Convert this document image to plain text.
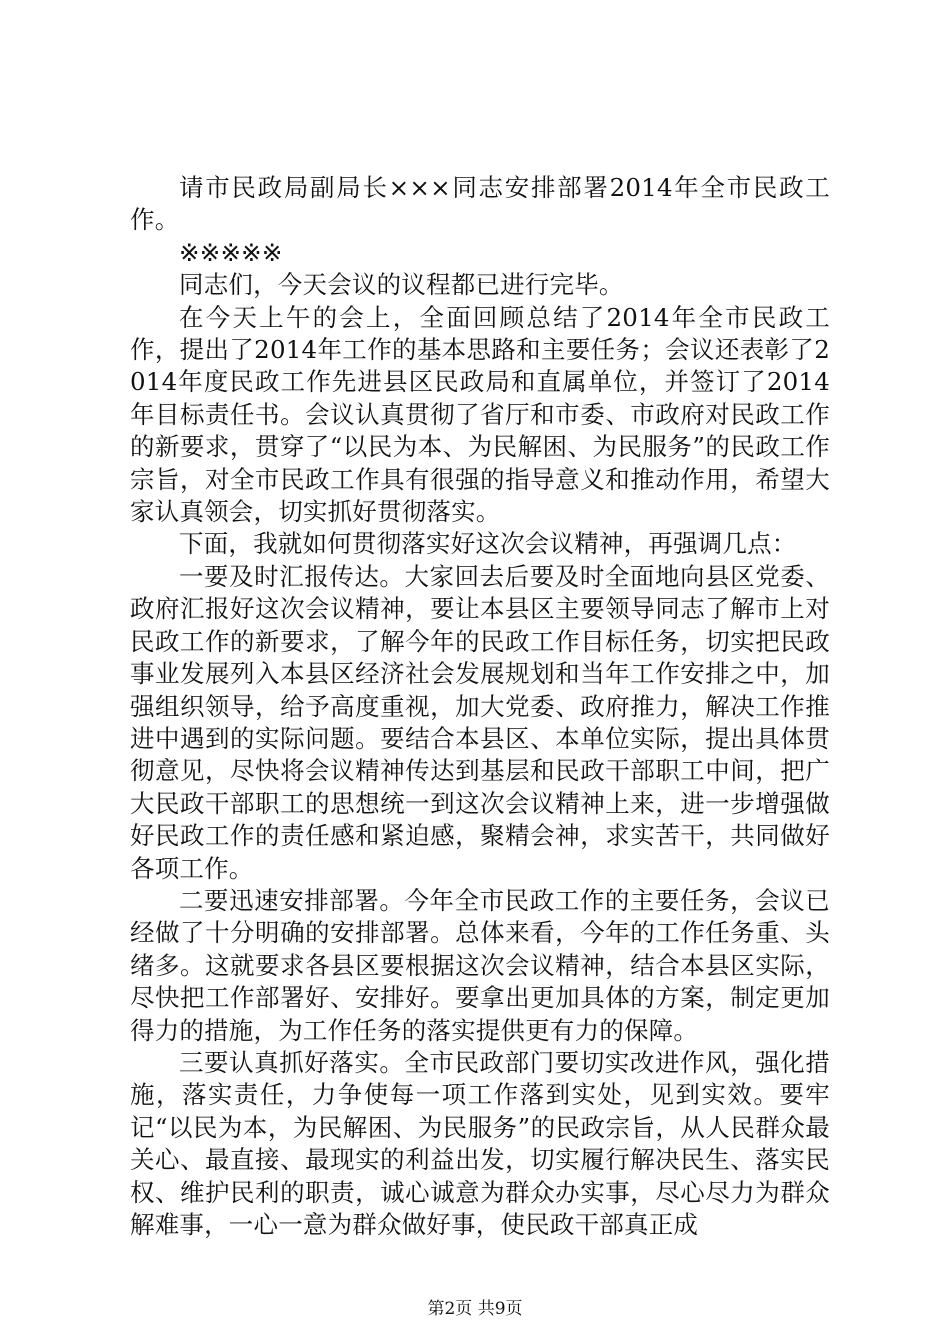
请市民政局副局长×××同志安排部署2014年全市民政工作。

※※※※※

同志们，今天会议的议程都已进行完毕。

在今天上午的会上，全面回顾总结了2014年全市民政工作，提出了2014年工作的基本思路和主要任务；会议还表彰了2014年度民政工作先进县区民政局和直属单位，并签订了2014年目标责任书。会议认真贯彻了省厅和市委、市政府对民政工作的新要求，贯穿了“以民为本、为民解困、为民服务”的民政工作宗旨，对全市民政工作具有很强的指导意义和推动作用，希望大家认真领会，切实抓好贯彻落实。

下面，我就如何贯彻落实好这次会议精神，再强调几点：

一要及时汇报传达。大家回去后要及时全面地向县区党委、政府汇报好这次会议精神，要让本县区主要领导同志了解市上对民政工作的新要求，了解今年的民政工作目标任务，切实把民政事业发展列入本县区经济社会发展规划和当年工作安排之中，加强组织领导，给予高度重视，加大党委、政府推力，解决工作推进中遇到的实际问题。要结合本县区、本单位实际，提出具体贯彻意见，尽快将会议精神传达到基层和民政干部职工中间，把广大民政干部职工的思想统一到这次会议精神上来，进一步增强做好民政工作的责任感和紧迫感，聚精会神，求实苦干，共同做好各项工作。

二要迅速安排部署。今年全市民政工作的主要任务，会议已经做了十分明确的安排部署。总体来看，今年的工作任务重、头绪多。这就要求各县区要根据这次会议精神，结合本县区实际，尽快把工作部署好、安排好。要拿出更加具体的方案，制定更加得力的措施，为工作任务的落实提供更有力的保障。

三要认真抓好落实。全市民政部门要切实改进作风，强化措施，落实责任，力争使每一项工作落到实处，见到实效。要牢记“以民为本，为民解困、为民服务”的民政宗旨，从人民群众最关心、最直接、最现实的利益出发，切实履行解决民生、落实民权、维护民利的职责，诚心诚意为群众办实事，尽心尽力为群众解难事，一心一意为群众做好事，使民政干部真正成

第2页 共9页
